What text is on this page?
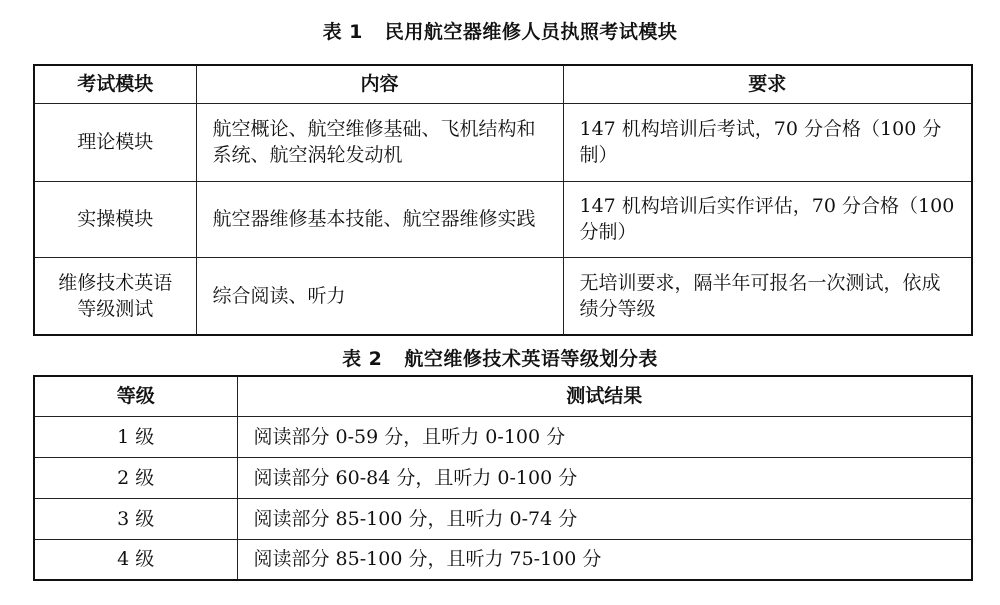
表 1 民用航空器维修人员执照考试模块
考试模块	内容	要求
理论模块	航空概论、航空维修基础、飞机结构和系统、航空涡轮发动机	147 机构培训后考试，70 分合格（100 分制）
实操模块	航空器维修基本技能、航空器维修实践	147 机构培训后实作评估，70 分合格（100 分制）
维修技术英语等级测试	综合阅读、听力	无培训要求，隔半年可报名一次测试，依成绩分等级
表 2 航空维修技术英语等级划分表
等级	测试结果
1 级	阅读部分 0-59 分，且听力 0-100 分
2 级	阅读部分 60-84 分，且听力 0-100 分
3 级	阅读部分 85-100 分，且听力 0-74 分
4 级	阅读部分 85-100 分，且听力 75-100 分
